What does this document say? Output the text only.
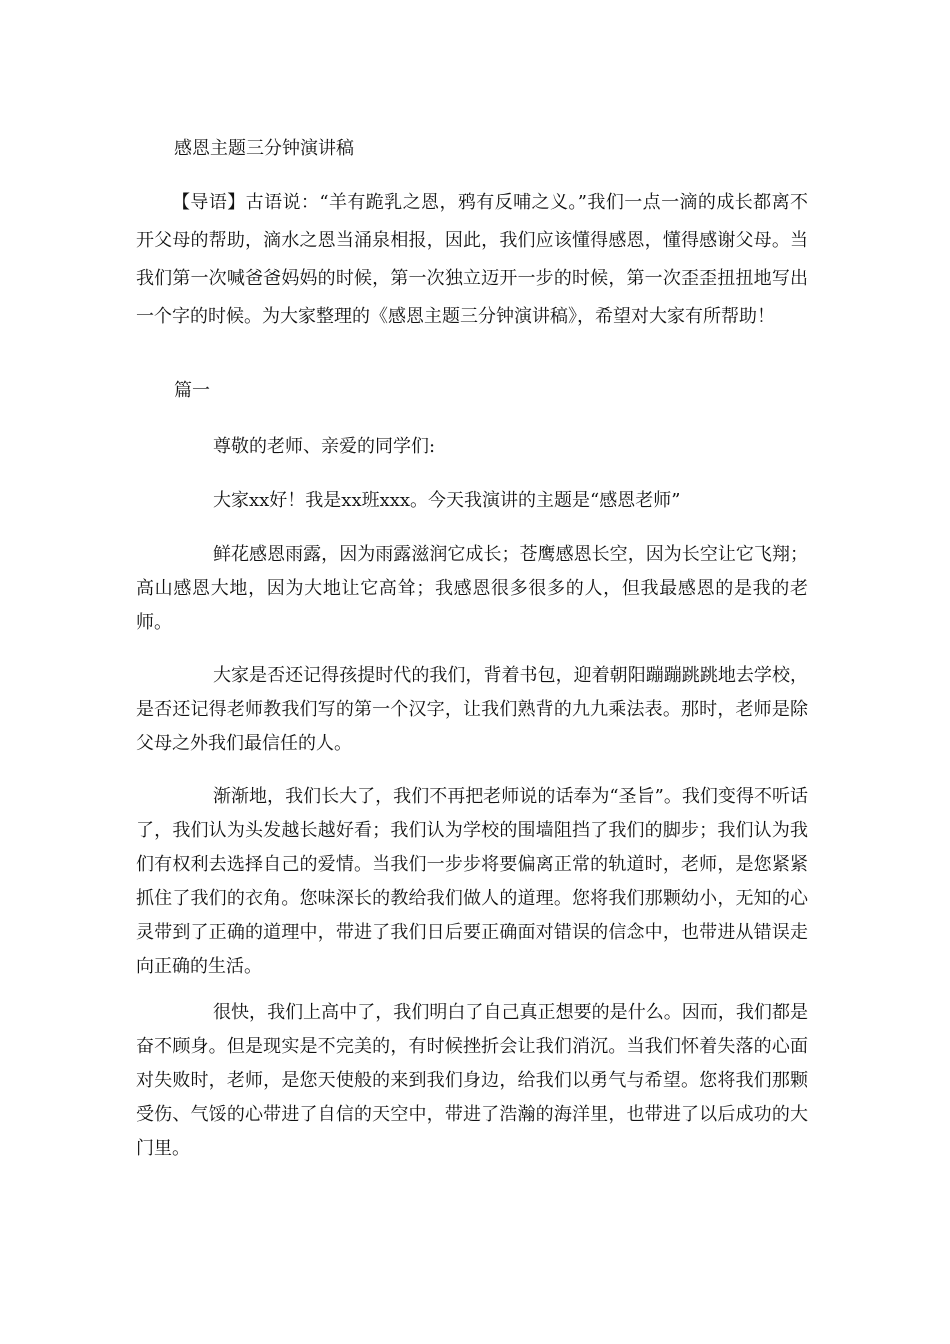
感恩主题三分钟演讲稿
【导语】古语说：“羊有跪乳之恩，鸦有反哺之义。”我们一点一滴的成长都离不开父母的帮助，滴水之恩当涌泉相报，因此，我们应该懂得感恩，懂得感谢父母。当我们第一次喊爸爸妈妈的时候，第一次独立迈开一步的时候，第一次歪歪扭扭地写出一个字的时候。为大家整理的《感恩主题三分钟演讲稿》，希望对大家有所帮助！
篇一
尊敬的老师、亲爱的同学们:
大家xx好！我是xx班xxx。今天我演讲的主题是“感恩老师”
鲜花感恩雨露，因为雨露滋润它成长；苍鹰感恩长空，因为长空让它飞翔；高山感恩大地，因为大地让它高耸；我感恩很多很多的人，但我最感恩的是我的老师。
大家是否还记得孩提时代的我们，背着书包，迎着朝阳蹦蹦跳跳地去学校，是否还记得老师教我们写的第一个汉字，让我们熟背的九九乘法表。那时，老师是除父母之外我们最信任的人。
渐渐地，我们长大了，我们不再把老师说的话奉为“圣旨”。我们变得不听话了，我们认为头发越长越好看；我们认为学校的围墙阻挡了我们的脚步；我们认为我们有权利去选择自己的爱情。当我们一步步将要偏离正常的轨道时，老师，是您紧紧抓住了我们的衣角。您味深长的教给我们做人的道理。您将我们那颗幼小，无知的心灵带到了正确的道理中，带进了我们日后要正确面对错误的信念中，也带进从错误走向正确的生活。
很快，我们上高中了，我们明白了自己真正想要的是什么。因而，我们都是奋不顾身。但是现实是不完美的，有时候挫折会让我们消沉。当我们怀着失落的心面对失败时，老师，是您天使般的来到我们身边，给我们以勇气与希望。您将我们那颗受伤、气馁的心带进了自信的天空中，带进了浩瀚的海洋里，也带进了以后成功的大门里。
